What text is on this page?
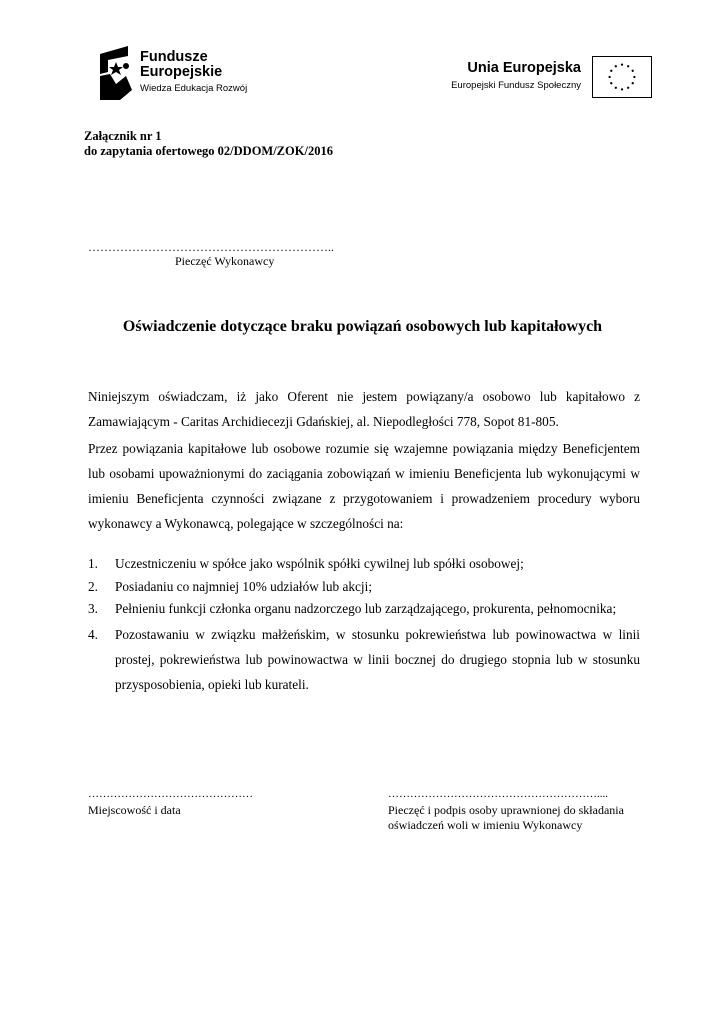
Fundusze
Europejskie
Wiedza Edukacja Rozwój
Unia Europejska
Europejski Fundusz Społeczny
Załącznik nr 1
do zapytania ofertowego 02/DDOM/ZOK/2016
……………………………………………………..
Pieczęć Wykonawcy
Oświadczenie dotyczące braku powiązań osobowych lub kapitałowych
Niniejszym oświadczam, iż jako Oferent nie jestem powiązany/a osobowo lub kapitałowo z Zamawiającym - Caritas Archidiecezji Gdańskiej, al. Niepodległości 778, Sopot 81-805.
Przez powiązania kapitałowe lub osobowe rozumie się wzajemne powiązania między Beneficjentem lub osobami upoważnionymi do zaciągania zobowiązań w imieniu Beneficjenta lub wykonującymi w imieniu Beneficjenta czynności związane z przygotowaniem i prowadzeniem procedury wyboru wykonawcy a Wykonawcą, polegające w szczególności na:
1. Uczestniczeniu w spółce jako wspólnik spółki cywilnej lub spółki osobowej;
2. Posiadaniu co najmniej 10% udziałów lub akcji;
3. Pełnieniu funkcji członka organu nadzorczego lub zarządzającego, prokurenta, pełnomocnika;
4. Pozostawaniu w związku małżeńskim, w stosunku pokrewieństwa lub powinowactwa w linii prostej, pokrewieństwa lub powinowactwa w linii bocznej do drugiego stopnia lub w stosunku przysposobienia, opieki lub kurateli.
………………………………………
Miejscowość i data
…………………………………………………....
Pieczęć i podpis osoby uprawnionej do składania
oświadczeń woli w imieniu Wykonawcy
